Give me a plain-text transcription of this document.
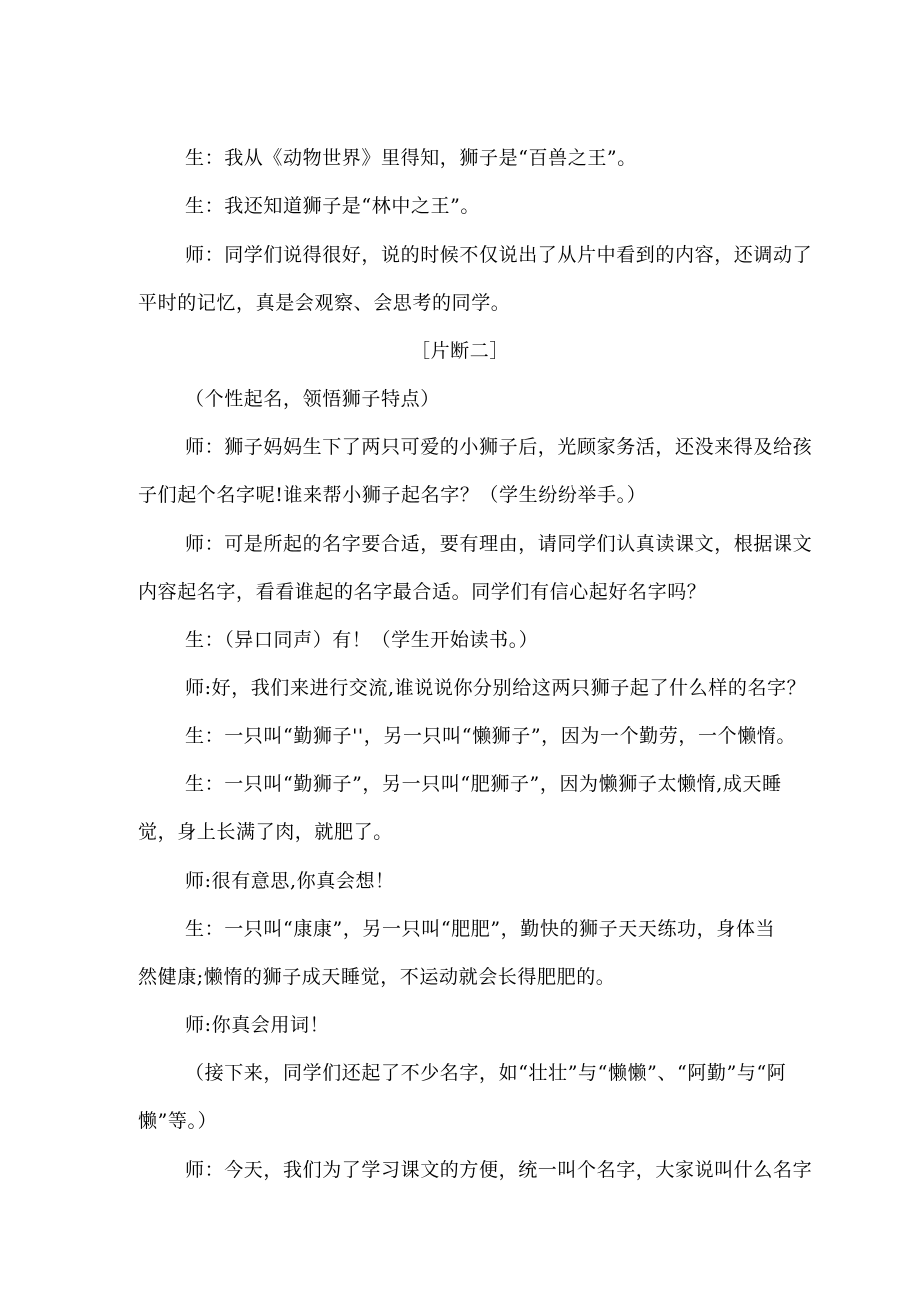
生：我从《动物世界》里得知，狮子是“百兽之王”。

生：我还知道狮子是“林中之王”。

师：同学们说得很好，说的时候不仅说出了从片中看到的内容，还调动了

平时的记忆，真是会观察、会思考的同学。

［片断二］

（个性起名，领悟狮子特点）

师：狮子妈妈生下了两只可爱的小狮子后，光顾家务活，还没来得及给孩

子们起个名字呢!谁来帮小狮子起名字？（学生纷纷举手。）

师：可是所起的名字要合适，要有理由，请同学们认真读课文，根据课文

内容起名字，看看谁起的名字最合适。同学们有信心起好名字吗？

生：（异口同声）有！（学生开始读书。）

师:好，我们来进行交流,谁说说你分别给这两只狮子起了什么样的名字？

生：一只叫“勤狮子''，另一只叫“懒狮子”，因为一个勤劳，一个懒惰。

生：一只叫“勤狮子”，另一只叫“肥狮子”，因为懒狮子太懒惰,成天睡

觉，身上长满了肉，就肥了。

师:很有意思,你真会想！

生：一只叫“康康”，另一只叫“肥肥”，勤快的狮子天天练功，身体当

然健康;懒惰的狮子成天睡觉，不运动就会长得肥肥的。

师:你真会用词！

（接下来，同学们还起了不少名字，如“壮壮”与“懒懒”、“阿勤”与“阿

懒”等。）

师：今天，我们为了学习课文的方便，统一叫个名字，大家说叫什么名字
